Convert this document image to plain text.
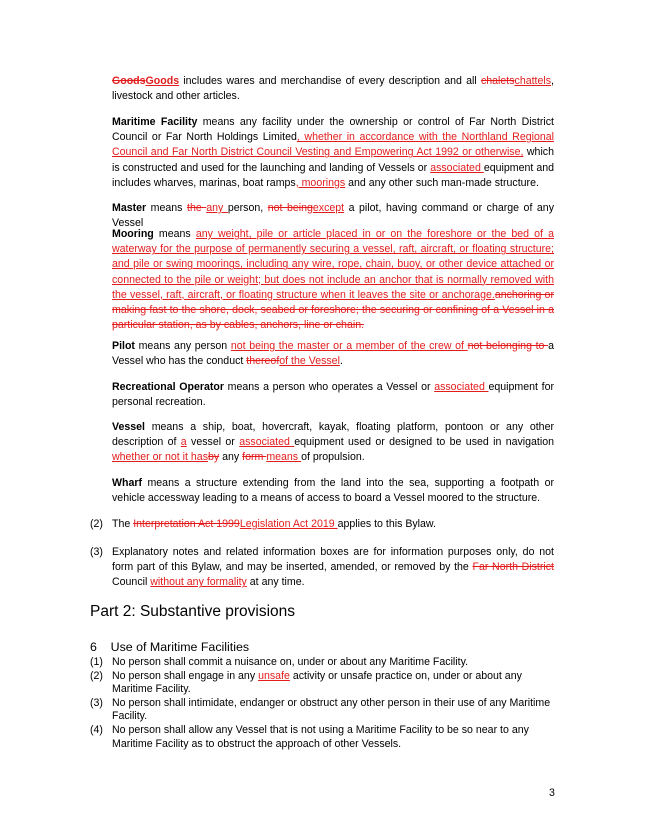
GoodsGoods includes wares and merchandise of every description and all chaletschattels, livestock and other articles.

Maritime Facility means any facility under the ownership or control of Far North District Council or Far North Holdings Limited, whether in accordance with the Northland Regional Council and Far North District Council Vesting and Empowering Act 1992 or otherwise, which is constructed and used for the launching and landing of Vessels or associated equipment and includes wharves, marinas, boat ramps, moorings and any other such man-made structure.

Master means the any person, not beingexcept a pilot, having command or charge of any Vessel

Mooring means any weight, pile or article placed in or on the foreshore or the bed of a waterway for the purpose of permanently securing a vessel, raft, aircraft, or floating structure; and pile or swing moorings, including any wire, rope, chain, buoy, or other device attached or connected to the pile or weight; but does not include an anchor that is normally removed with the vessel, raft, aircraft, or floating structure when it leaves the site or anchorage.anchoring or making fast to the shore, dock, seabed or foreshore; the securing or confining of a Vessel in a particular station, as by cables, anchors, line or chain.

Pilot means any person not being the master or a member of the crew of not belonging to a Vessel who has the conduct thereofof the Vessel.

Recreational Operator means a person who operates a Vessel or associated equipment for personal recreation.

Vessel means a ship, boat, hovercraft, kayak, floating platform, pontoon or any other description of a vessel or associated equipment used or designed to be used in navigation whether or not it hasby any form means of propulsion.

Wharf means a structure extending from the land into the sea, supporting a footpath or vehicle accessway leading to a means of access to board a Vessel moored to the structure.

(2) The Interpretation Act 1999Legislation Act 2019 applies to this Bylaw.

(3) Explanatory notes and related information boxes are for information purposes only, do not form part of this Bylaw, and may be inserted, amended, or removed by the Far North District Council without any formality at any time.

Part 2: Substantive provisions
6    Use of Maritime Facilities
(1) No person shall commit a nuisance on, under or about any Maritime Facility.
(2) No person shall engage in any unsafe activity or unsafe practice on, under or about any Maritime Facility.
(3) No person shall intimidate, endanger or obstruct any other person in their use of any Maritime Facility.
(4) No person shall allow any Vessel that is not using a Maritime Facility to be so near to any Maritime Facility as to obstruct the approach of other Vessels.
3
